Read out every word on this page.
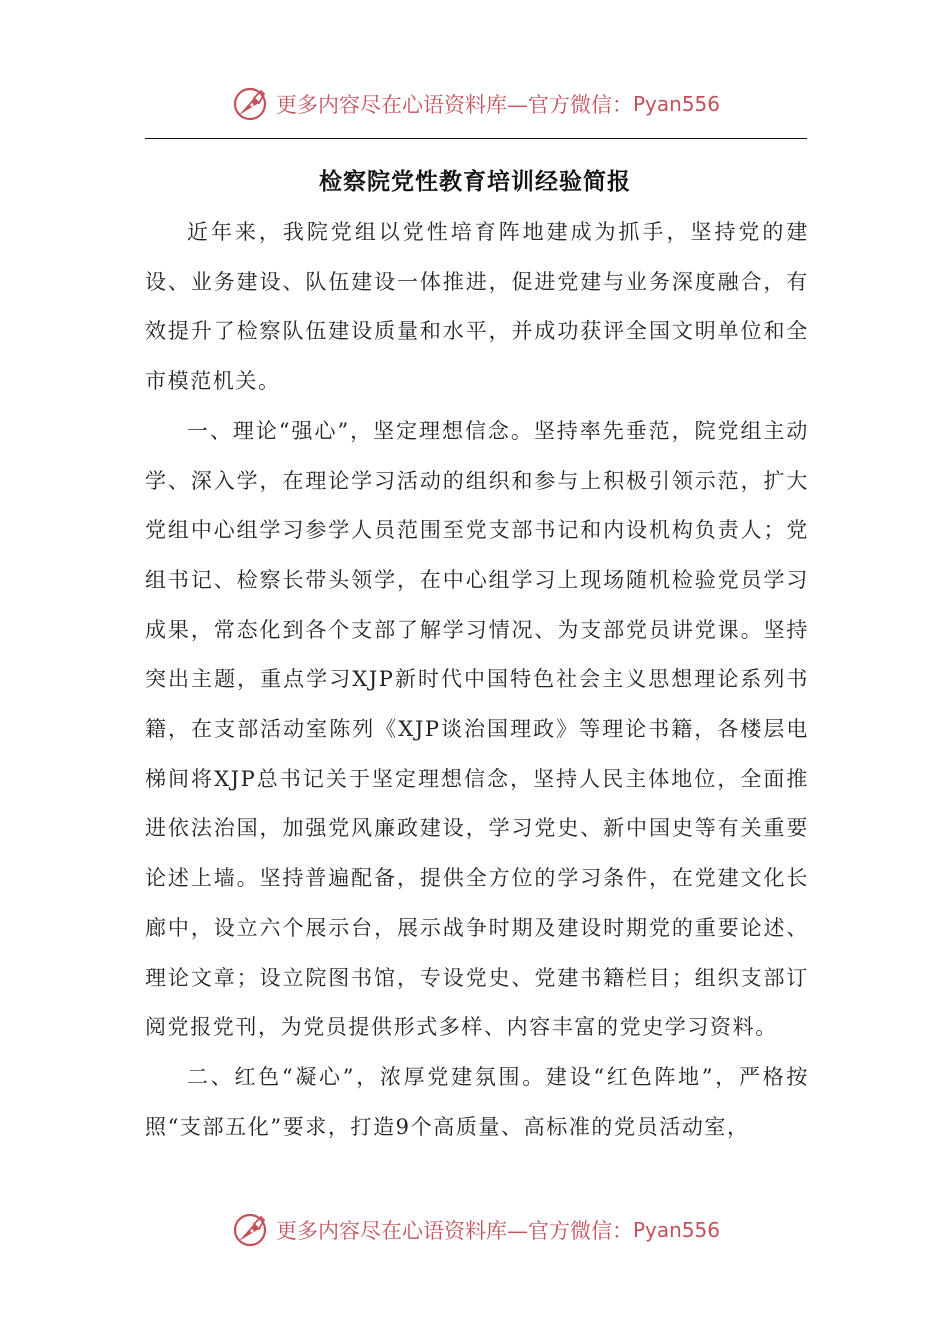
更多内容尽在心语资料库—官方微信： Pyan556
检察院党性教育培训经验简报

近年来，我院党组以党性培育阵地建成为抓手，坚持党的建设、业务建设、队伍建设一体推进，促进党建与业务深度融合，有效提升了检察队伍建设质量和水平，并成功获评全国文明单位和全市模范机关。

一、理论“强心”，坚定理想信念。坚持率先垂范，院党组主动学、深入学，在理论学习活动的组织和参与上积极引领示范，扩大党组中心组学习参学人员范围至党支部书记和内设机构负责人；党组书记、检察长带头领学，在中心组学习上现场随机检验党员学习成果，常态化到各个支部了解学习情况、为支部党员讲党课。坚持突出主题，重点学习XJP新时代中国特色社会主义思想理论系列书籍，在支部活动室陈列《XJP谈治国理政》等理论书籍，各楼层电梯间将XJP总书记关于坚定理想信念，坚持人民主体地位，全面推进依法治国，加强党风廉政建设，学习党史、新中国史等有关重要论述上墙。坚持普遍配备，提供全方位的学习条件，在党建文化长廊中，设立六个展示台，展示战争时期及建设时期党的重要论述、理论文章；设立院图书馆，专设党史、党建书籍栏目；组织支部订阅党报党刊，为党员提供形式多样、内容丰富的党史学习资料。

二、红色“凝心”，浓厚党建氛围。建设“红色阵地”，严格按照“支部五化”要求，打造9个高质量、高标准的党员活动室，

更多内容尽在心语资料库—官方微信： Pyan556
